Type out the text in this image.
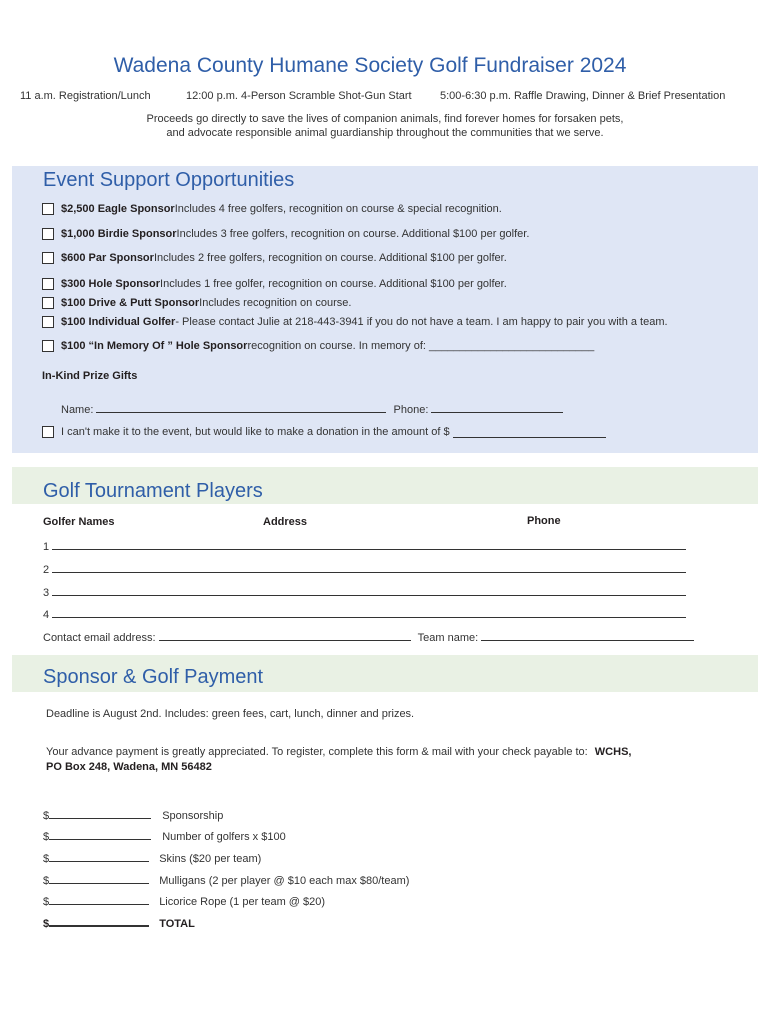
Wadena County Humane Society Golf Fundraiser 2024
11 a.m. Registration/Lunch	12:00 p.m. 4-Person Scramble Shot-Gun Start	5:00-6:30 p.m. Raffle Drawing, Dinner & Brief Presentation
Proceeds go directly to save the lives of companion animals, find forever homes for forsaken pets,
and advocate responsible animal guardianship throughout the communities that we serve.
Event Support Opportunities
$2,500 Eagle Sponsor Includes 4 free golfers, recognition on course & special recognition.
$1,000 Birdie Sponsor Includes 3 free golfers, recognition on course. Additional $100 per golfer.
$600 Par Sponsor Includes 2 free golfers, recognition on course. Additional $100 per golfer.
$300 Hole Sponsor Includes 1 free golfer, recognition on course. Additional $100 per golfer.
$100 Drive & Putt Sponsor Includes recognition on course.
$100 Individual Golfer - Please contact Julie at 218-443-3941 if you do not have a team. I am happy to pair you with a team.
$100 “In Memory Of ” Hole Sponsor recognition on course. In memory of: ___________________________
In-Kind Prize Gifts
Name:	Phone:
I can't make it to the event, but would like to make a donation in the amount of $
Golf Tournament Players
Golfer Names	Address	Phone
1
2
3
4
Contact email address:	Team name:
Sponsor & Golf Payment
Deadline is August 2nd. Includes: green fees, cart, lunch, dinner and prizes.
Your advance payment is greatly appreciated. To register, complete this form & mail with your check payable to: WCHS,
PO Box 248, Wadena, MN 56482
$	Sponsorship
$	Number of golfers x $100
$	Skins ($20 per team)
$	Mulligans (2 per player @ $10 each max $80/team)
$	Licorice Rope (1 per team @ $20)
$	TOTAL
